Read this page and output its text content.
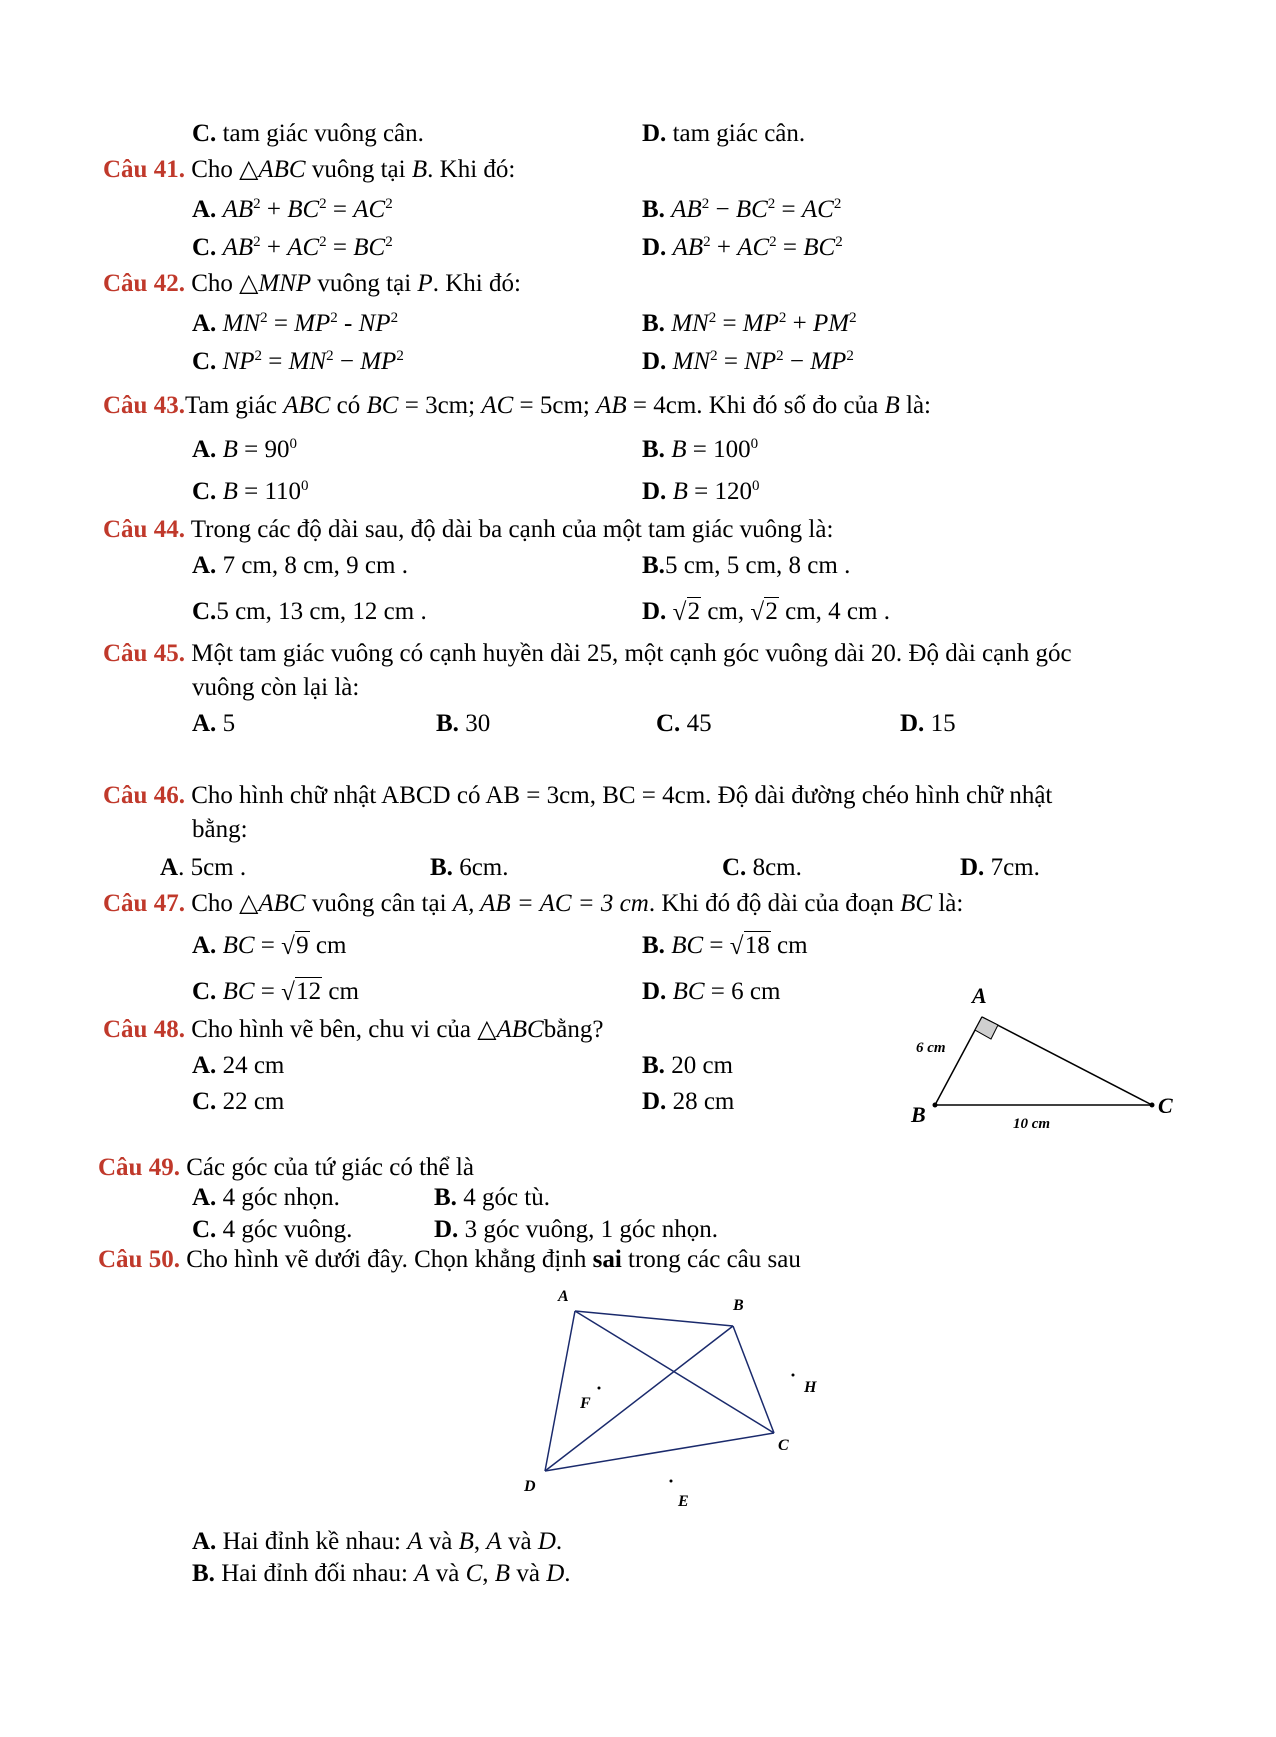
C. tam giác vuông cân.	D. tam giác cân.
Câu 41. Cho △ABC vuông tại B. Khi đó:
A. $AB^2 + BC^2 = AC^2$	B. $AB^2 - BC^2 = AC^2$
C. $AB^2 + AC^2 = BC^2$	D. $AB^2 + AC^2 = BC^2$
Câu 42. Cho △MNP vuông tại P. Khi đó:
A. $MN^2 = MP^2 - NP^2$	B. $MN^2 = MP^2 + PM^2$
C. $NP^2 = MN^2 - MP^2$	D. $MN^2 = NP^2 - MP^2$
Câu 43.Tam giác ABC có BC = 3cm; AC = 5cm; AB = 4cm. Khi đó số đo của B là:
A. $B = 90^0$	B. $B = 100^0$
C. $B = 110^0$	D. $B = 120^0$
Câu 44. Trong các độ dài sau, độ dài ba cạnh của một tam giác vuông là:
A. 7 cm, 8 cm, 9 cm .	B.5 cm, 5 cm, 8 cm .
C.5 cm, 13 cm, 12 cm .	D. √ 2 cm, √ 2 cm, 4 cm .
Câu 45. Một tam giác vuông có cạnh huyền dài 25, một cạnh góc vuông dài 20. Độ dài cạnh góc
vuông còn lại là:
A. 5	B. 30	C. 45	D. 15
Câu 46. Cho hình chữ nhật ABCD có AB = 3cm, BC = 4cm. Độ dài đường chéo hình chữ nhật
bằng:
A. 5cm .	B. 6cm.	C. 8cm.	D. 7cm.
Câu 47. Cho △ABC vuông cân tại A, AB = AC = 3 cm. Khi đó độ dài của đoạn BC là:
A. BC = √ 9 cm	B. BC = √ 18 cm
C. BC = √ 12 cm	D. BC = 6 cm
Câu 48. Cho hình vẽ bên, chu vi của △ABCbằng?
A. 24 cm	B. 20 cm
C. 22 cm	D. 28 cm
A
B	C
6 cm
10 cm
Câu 49. Các góc của tứ giác có thể là
A. 4 góc nhọn.	B. 4 góc tù.
C. 4 góc vuông.	D. 3 góc vuông, 1 góc nhọn.
Câu 50. Cho hình vẽ dưới đây. Chọn khẳng định sai trong các câu sau
A
B
C
D
E
F
H
A. Hai đỉnh kề nhau: A và B, A và D.
B. Hai đỉnh đối nhau: A và C, B và D.
